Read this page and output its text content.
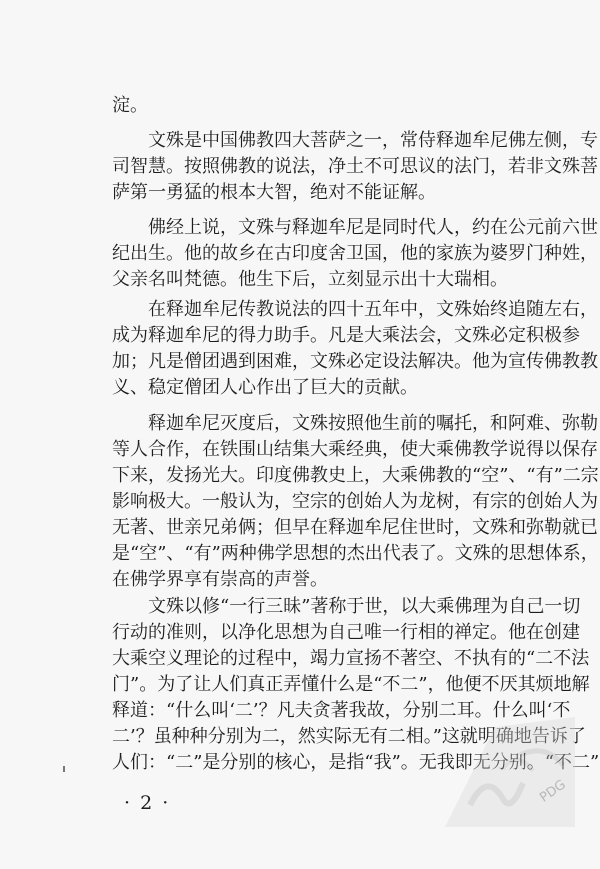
淀。
文殊是中国佛教四大菩萨之一，常侍释迦牟尼佛左侧，专
司智慧。按照佛教的说法，净土不可思议的法门，若非文殊菩
萨第一勇猛的根本大智，绝对不能证解。
佛经上说，文殊与释迦牟尼是同时代人，约在公元前六世
纪出生。他的故乡在古印度舍卫国，他的家族为婆罗门种姓，
父亲名叫梵德。他生下后，立刻显示出十大瑞相。
在释迦牟尼传教说法的四十五年中，文殊始终追随左右，
成为释迦牟尼的得力助手。凡是大乘法会，文殊必定积极参
加；凡是僧团遇到困难，文殊必定设法解决。他为宣传佛教教
义、稳定僧团人心作出了巨大的贡献。
释迦牟尼灭度后，文殊按照他生前的嘱托，和阿难、弥勒
等人合作，在铁围山结集大乘经典，使大乘佛教学说得以保存
下来，发扬光大。印度佛教史上，大乘佛教的“空”、“有”二宗
影响极大。一般认为，空宗的创始人为龙树，有宗的创始人为
无著、世亲兄弟俩；但早在释迦牟尼住世时，文殊和弥勒就已
是“空”、“有”两种佛学思想的杰出代表了。文殊的思想体系，
在佛学界享有崇高的声誉。
文殊以修“一行三昧”著称于世，以大乘佛理为自己一切
行动的准则，以净化思想为自己唯一行相的禅定。他在创建
大乘空义理论的过程中，竭力宣扬不著空、不执有的“二不法
门”。为了让人们真正弄懂什么是“不二”，他便不厌其烦地解
释道：“什么叫‘二’？凡夫贪著我故，分别二耳。什么叫‘不
二’？虽种种分别为二，然实际无有二相。”这就明确地告诉了
人们：“二”是分别的核心，是指“我”。无我即无分别。“不二”
· 2 ·	PDG
